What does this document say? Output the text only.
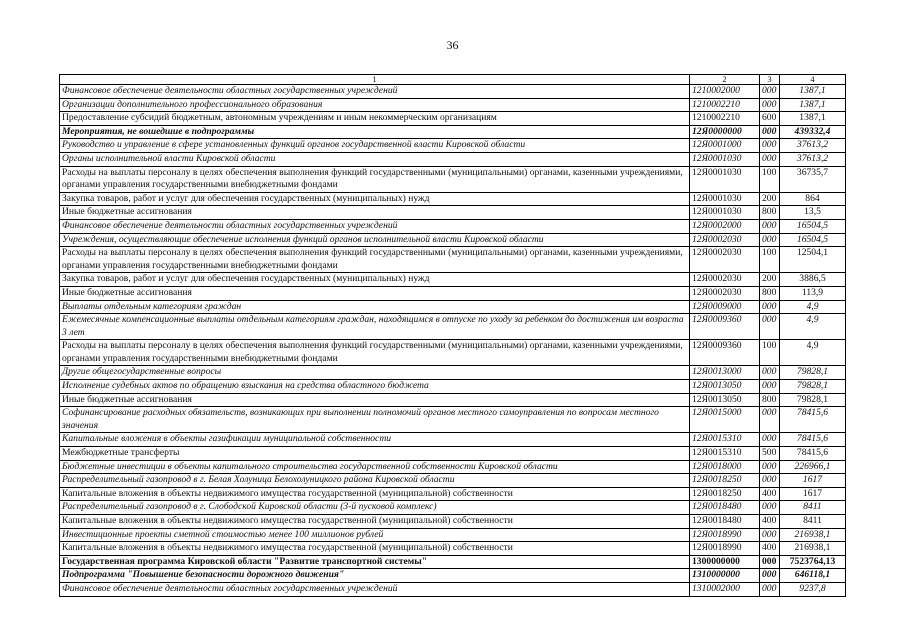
36
1	2	3	4
Финансовое обеспечение деятельности областных государственных учреждений	1210002000	000	1387,1
Организации дополнительного профессионального образования	1210002210	000	1387,1
Предоставление субсидий бюджетным, автономным учреждениям и иным некоммерческим организациям	1210002210	600	1387,1
Мероприятия, не вошедшие в подпрограммы	12Я0000000	000	439332,4
Руководство и управление в сфере установленных функций органов государственной власти Кировской области	12Я0001000	000	37613,2
Органы исполнительной власти Кировской области	12Я0001030	000	37613,2
Расходы на выплаты персоналу в целях обеспечения выполнения функций государственными (муниципальными) органами, казенными учреждениями, органами управления государственными внебюджетными фондами	12Я0001030	100	36735,7
Закупка товаров, работ и услуг для обеспечения государственных (муниципальных) нужд	12Я0001030	200	864
Иные бюджетные ассигнования	12Я0001030	800	13,5
Финансовое обеспечение деятельности областных государственных учреждений	12Я0002000	000	16504,5
Учреждения, осуществляющие обеспечение исполнения функций органов исполнительной власти Кировской области	12Я0002030	000	16504,5
Расходы на выплаты персоналу в целях обеспечения выполнения функций государственными (муниципальными) органами, казенными учреждениями, органами управления государственными внебюджетными фондами	12Я0002030	100	12504,1
Закупка товаров, работ и услуг для обеспечения государственных (муниципальных) нужд	12Я0002030	200	3886,5
Иные бюджетные ассигнования	12Я0002030	800	113,9
Выплаты отдельным категориям граждан	12Я0009000	000	4,9
Ежемесячные компенсационные выплаты отдельным категориям граждан, находящимся в отпуске по уходу за ребенком до достижения им возраста 3 лет	12Я0009360	000	4,9
Расходы на выплаты персоналу в целях обеспечения выполнения функций государственными (муниципальными) органами, казенными учреждениями, органами управления государственными внебюджетными фондами	12Я0009360	100	4,9
Другие общегосударственные вопросы	12Я0013000	000	79828,1
Исполнение судебных актов по обращению взыскания на средства областного бюджета	12Я0013050	000	79828,1
Иные бюджетные ассигнования	12Я0013050	800	79828,1
Софинансирование расходных обязательств, возникающих при выполнении полномочий органов местного самоуправления по вопросам местного значения	12Я0015000	000	78415,6
Капитальные вложения в объекты газификации муниципальной собственности	12Я0015310	000	78415,6
Межбюджетные трансферты	12Я0015310	500	78415,6
Бюджетные инвестиции в объекты капитального строительства государственной собственности Кировской области	12Я0018000	000	226966,1
Распределительный газопровод в г. Белая Холуница Белохолуницкого района Кировской области	12Я0018250	000	1617
Капитальные вложения в объекты недвижимого имущества государственной (муниципальной) собственности	12Я0018250	400	1617
Распределительный газопровод в г. Слободской Кировской области (3-й пусковой комплекс)	12Я0018480	000	8411
Капитальные вложения в объекты недвижимого имущества государственной (муниципальной) собственности	12Я0018480	400	8411
Инвестиционные проекты сметной стоимостью менее 100 миллионов рублей	12Я0018990	000	216938,1
Капитальные вложения в объекты недвижимого имущества государственной (муниципальной) собственности	12Я0018990	400	216938,1
Государственная программа Кировской области "Развитие транспортной системы"	1300000000	000	7523764,13
Подпрограмма "Повышение безопасности дорожного движения"	1310000000	000	646118,1
Финансовое обеспечение деятельности областных государственных учреждений	1310002000	000	9237,8
